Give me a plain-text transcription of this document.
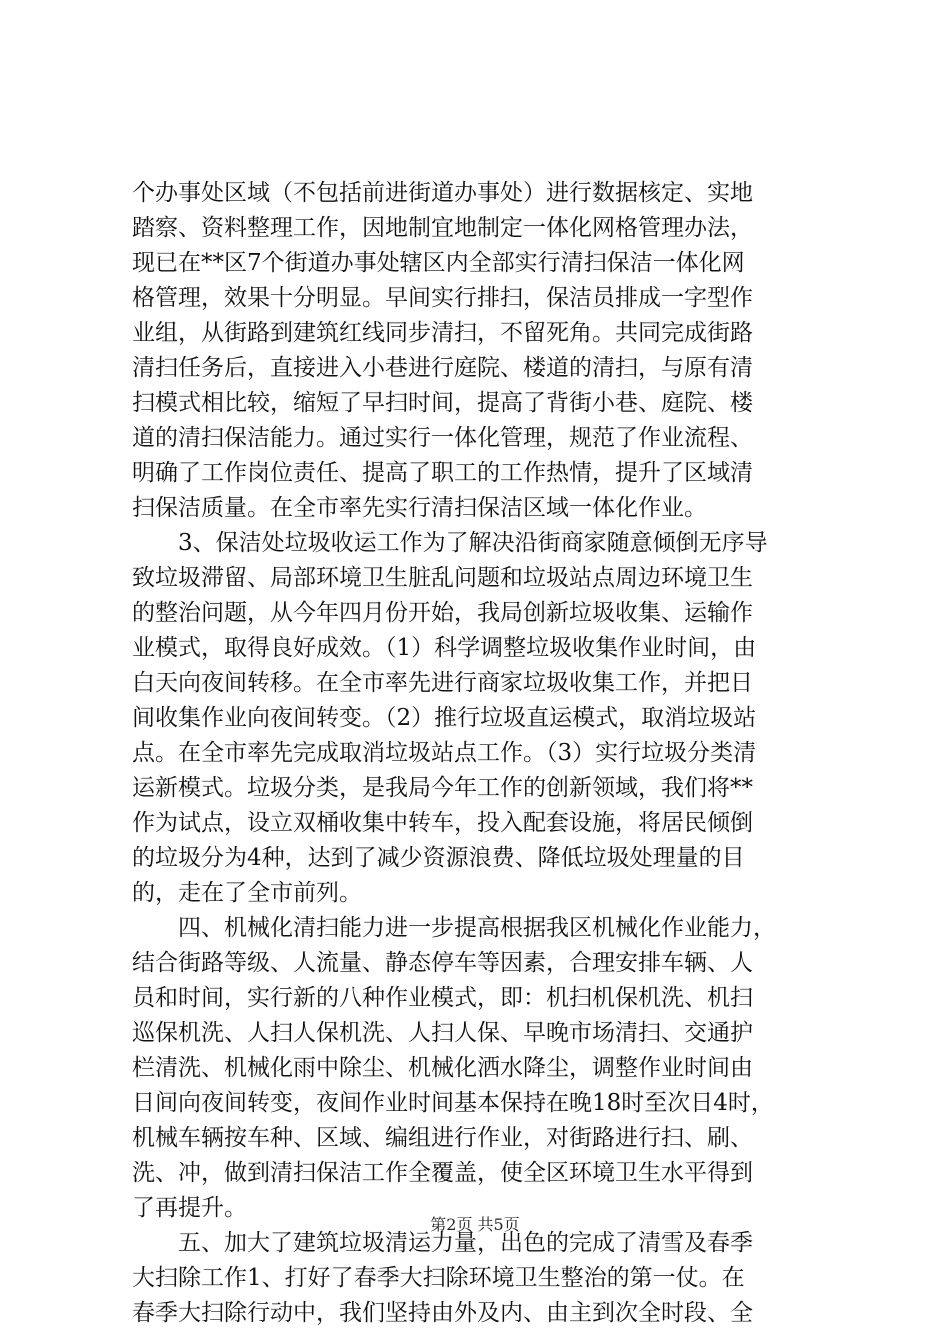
个办事处区域（不包括前进街道办事处）进行数据核定、实地
踏察、资料整理工作，因地制宜地制定一体化网格管理办法，
现已在**区7个街道办事处辖区内全部实行清扫保洁一体化网
格管理，效果十分明显。早间实行排扫，保洁员排成一字型作
业组，从街路到建筑红线同步清扫，不留死角。共同完成街路
清扫任务后，直接进入小巷进行庭院、楼道的清扫，与原有清
扫模式相比较，缩短了早扫时间，提高了背街小巷、庭院、楼
道的清扫保洁能力。通过实行一体化管理，规范了作业流程、
明确了工作岗位责任、提高了职工的工作热情，提升了区域清
扫保洁质量。在全市率先实行清扫保洁区域一体化作业。
3、保洁处垃圾收运工作为了解决沿街商家随意倾倒无序导
致垃圾滞留、局部环境卫生脏乱问题和垃圾站点周边环境卫生
的整治问题，从今年四月份开始，我局创新垃圾收集、运输作
业模式，取得良好成效。（1）科学调整垃圾收集作业时间，由
白天向夜间转移。在全市率先进行商家垃圾收集工作，并把日
间收集作业向夜间转变。（2）推行垃圾直运模式，取消垃圾站
点。在全市率先完成取消垃圾站点工作。（3）实行垃圾分类清
运新模式。垃圾分类，是我局今年工作的创新领域，我们将**
作为试点，设立双桶收集中转车，投入配套设施，将居民倾倒
的垃圾分为4种，达到了减少资源浪费、降低垃圾处理量的目
的，走在了全市前列。
四、机械化清扫能力进一步提高根据我区机械化作业能力，
结合街路等级、人流量、静态停车等因素，合理安排车辆、人
员和时间，实行新的八种作业模式，即：机扫机保机洗、机扫
巡保机洗、人扫人保机洗、人扫人保、早晚市场清扫、交通护
栏清洗、机械化雨中除尘、机械化洒水降尘，调整作业时间由
日间向夜间转变，夜间作业时间基本保持在晚18时至次日4时，
机械车辆按车种、区域、编组进行作业，对街路进行扫、刷、
洗、冲，做到清扫保洁工作全覆盖，使全区环境卫生水平得到
了再提升。
五、加大了建筑垃圾清运力量，出色的完成了清雪及春季
大扫除工作1、打好了春季大扫除环境卫生整治的第一仗。在
春季大扫除行动中，我们坚持由外及内、由主到次全时段、全
第2页 共5页
